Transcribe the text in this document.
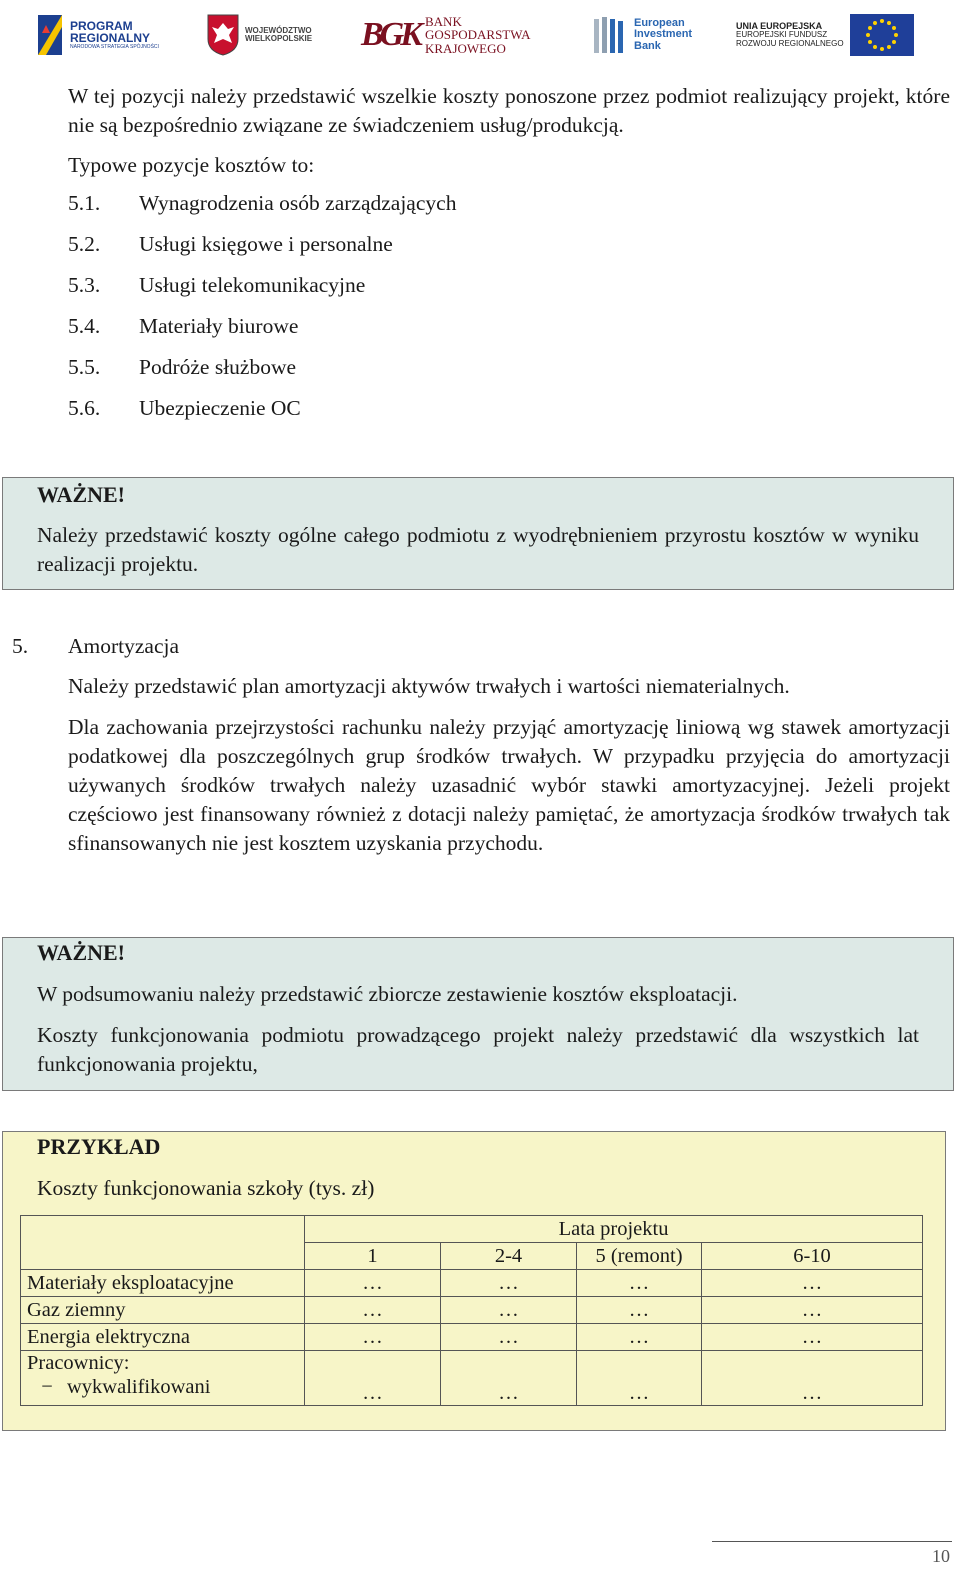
PROGRAM
REGIONALNY
NARODOWA STRATEGIA SPÓJNOŚCI
WOJEWÓDZTWO
WIELKOPOLSKIE BGK BANK
GOSPODARSTWA
KRAJOWEGO
European
Investment
Bank
UNIA EUROPEJSKA
EUROPEJSKI FUNDUSZ
ROZWOJU REGIONALNEGO
W tej pozycji należy przedstawić wszelkie koszty ponoszone przez podmiot realizujący projekt, które nie są bezpośrednio związane ze świadczeniem usług/produkcją.
Typowe pozycje kosztów to:
5.1. Wynagrodzenia osób zarządzających
5.2. Usługi księgowe i personalne
5.3. Usługi telekomunikacyjne
5.4. Materiały biurowe
5.5. Podróże służbowe
5.6. Ubezpieczenie OC
WAŻNE!
Należy przedstawić koszty ogólne całego podmiotu z wyodrębnieniem przyrostu kosztów w wyniku realizacji projektu.
5. Amortyzacja
Należy przedstawić plan amortyzacji aktywów trwałych i wartości niematerialnych.
Dla zachowania przejrzystości rachunku należy przyjąć amortyzację liniową wg stawek amortyzacji podatkowej dla poszczególnych grup środków trwałych. W przypadku przyjęcia do amortyzacji używanych środków trwałych należy uzasadnić wybór stawki amortyzacyjnej. Jeżeli projekt częściowo jest finansowany również z dotacji należy pamiętać, że amortyzacja środków trwałych tak sfinansowanych nie jest kosztem uzyskania przychodu.
WAŻNE!
W podsumowaniu należy przedstawić zbiorcze zestawienie kosztów eksploatacji.
Koszty funkcjonowania podmiotu prowadzącego projekt należy przedstawić dla wszystkich lat funkcjonowania projektu,
PRZYKŁAD
Koszty funkcjonowania szkoły (tys. zł)
	Lata projektu			
	1	2-4	5 (remont)	6-10
Materiały eksploatacyjne	…	…	…	…
Gaz ziemny	…	…	…	…
Energia elektryczna	…	…	…	…

Pracownicy:
− wykwalifikowani	…	…	…	…
10
